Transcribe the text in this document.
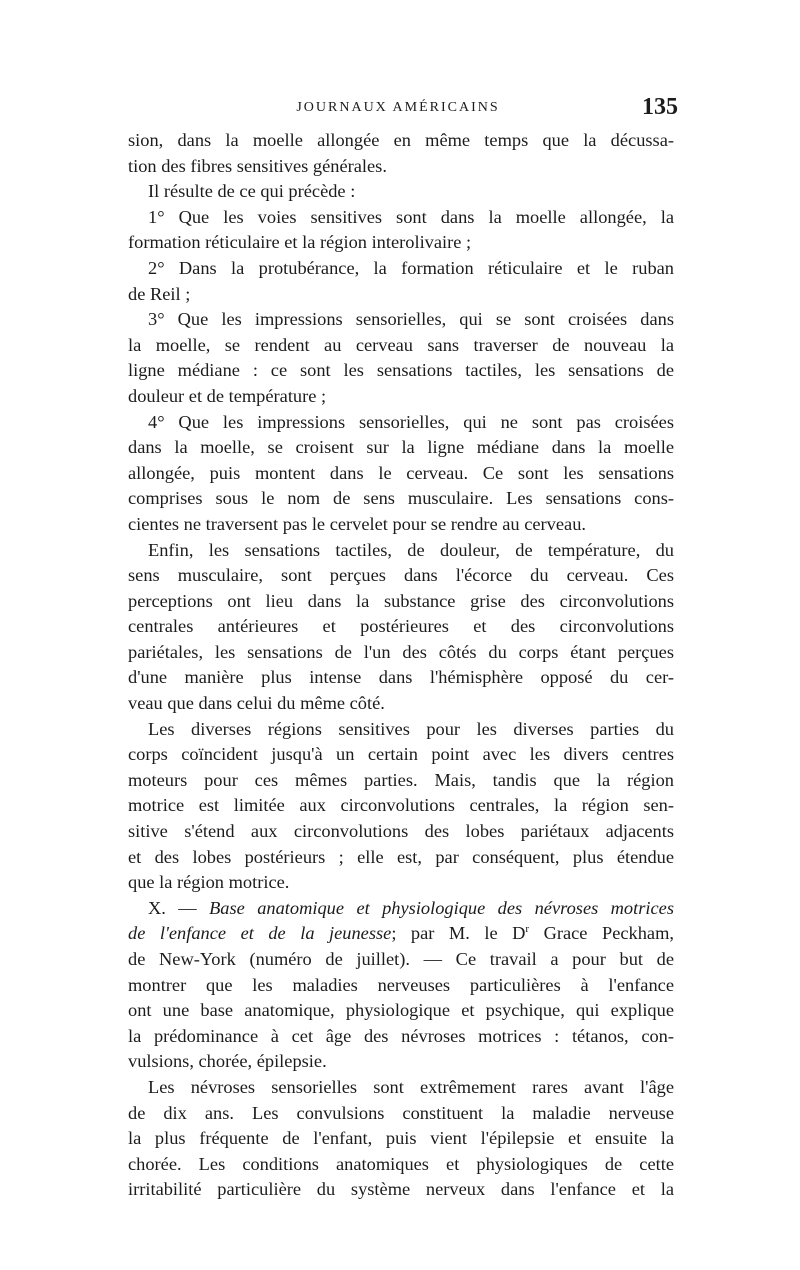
JOURNAUX AMÉRICAINS	135
sion, dans la moelle allongée en même temps que la décussa-
tion des fibres sensitives générales.
Il résulte de ce qui précède :
1° Que les voies sensitives sont dans la moelle allongée, la
formation réticulaire et la région interolivaire ;
2° Dans la protubérance, la formation réticulaire et le ruban
de Reil ;
3° Que les impressions sensorielles, qui se sont croisées dans
la moelle, se rendent au cerveau sans traverser de nouveau la
ligne médiane : ce sont les sensations tactiles, les sensations de
douleur et de température ;
4° Que les impressions sensorielles, qui ne sont pas croisées
dans la moelle, se croisent sur la ligne médiane dans la moelle
allongée, puis montent dans le cerveau. Ce sont les sensations
comprises sous le nom de sens musculaire. Les sensations cons-
cientes ne traversent pas le cervelet pour se rendre au cerveau.
Enfin, les sensations tactiles, de douleur, de température, du
sens musculaire, sont perçues dans l'écorce du cerveau. Ces
perceptions ont lieu dans la substance grise des circonvolutions
centrales antérieures et postérieures et des circonvolutions
pariétales, les sensations de l'un des côtés du corps étant perçues
d'une manière plus intense dans l'hémisphère opposé du cer-
veau que dans celui du même côté.
Les diverses régions sensitives pour les diverses parties du
corps coïncident jusqu'à un certain point avec les divers centres
moteurs pour ces mêmes parties. Mais, tandis que la région
motrice est limitée aux circonvolutions centrales, la région sen-
sitive s'étend aux circonvolutions des lobes pariétaux adjacents
et des lobes postérieurs ; elle est, par conséquent, plus étendue
que la région motrice.
X. — Base anatomique et physiologique des névroses motrices
de l'enfance et de la jeunesse; par M. le $D^r$ Grace Peckham,
de New-York (numéro de juillet). — Ce travail a pour but de
montrer que les maladies nerveuses particulières à l'enfance
ont une base anatomique, physiologique et psychique, qui explique
la prédominance à cet âge des névroses motrices : tétanos, con-
vulsions, chorée, épilepsie.
Les névroses sensorielles sont extrêmement rares avant l'âge
de dix ans. Les convulsions constituent la maladie nerveuse
la plus fréquente de l'enfant, puis vient l'épilepsie et ensuite la
chorée. Les conditions anatomiques et physiologiques de cette
irritabilité particulière du système nerveux dans l'enfance et la
